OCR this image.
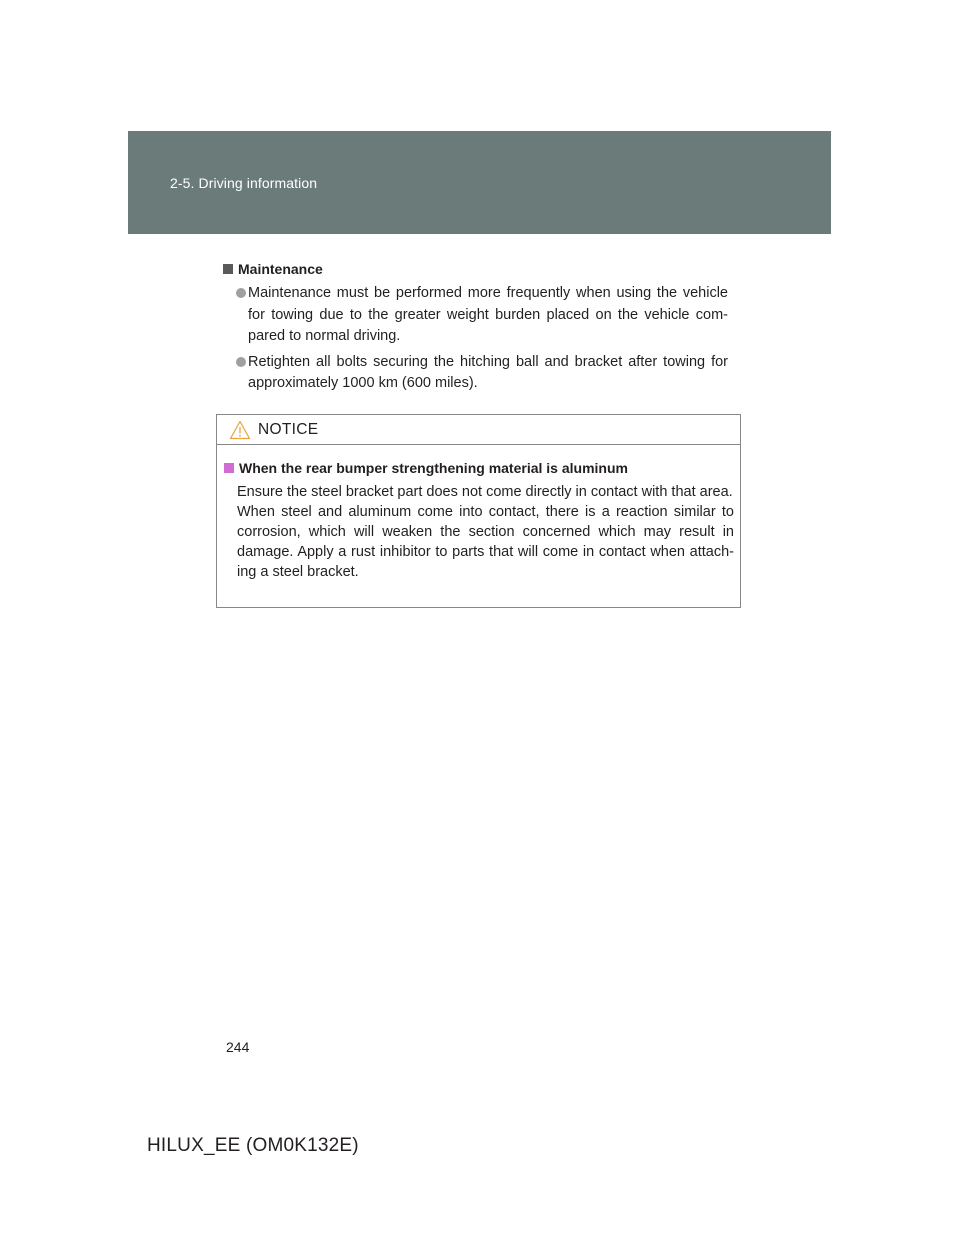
2-5. Driving information
Maintenance
Maintenance must be performed more frequently when using the vehicle for towing due to the greater weight burden placed on the vehicle com-pared to normal driving.
Retighten all bolts securing the hitching ball and bracket after towing for approximately 1000 km (600 miles).
NOTICE
When the rear bumper strengthening material is aluminum

Ensure the steel bracket part does not come directly in contact with that area.

When steel and aluminum come into contact, there is a reaction similar to corrosion, which will weaken the section concerned which may result in damage. Apply a rust inhibitor to parts that will come in contact when attach-ing a steel bracket.

244
HILUX_EE (OM0K132E)
